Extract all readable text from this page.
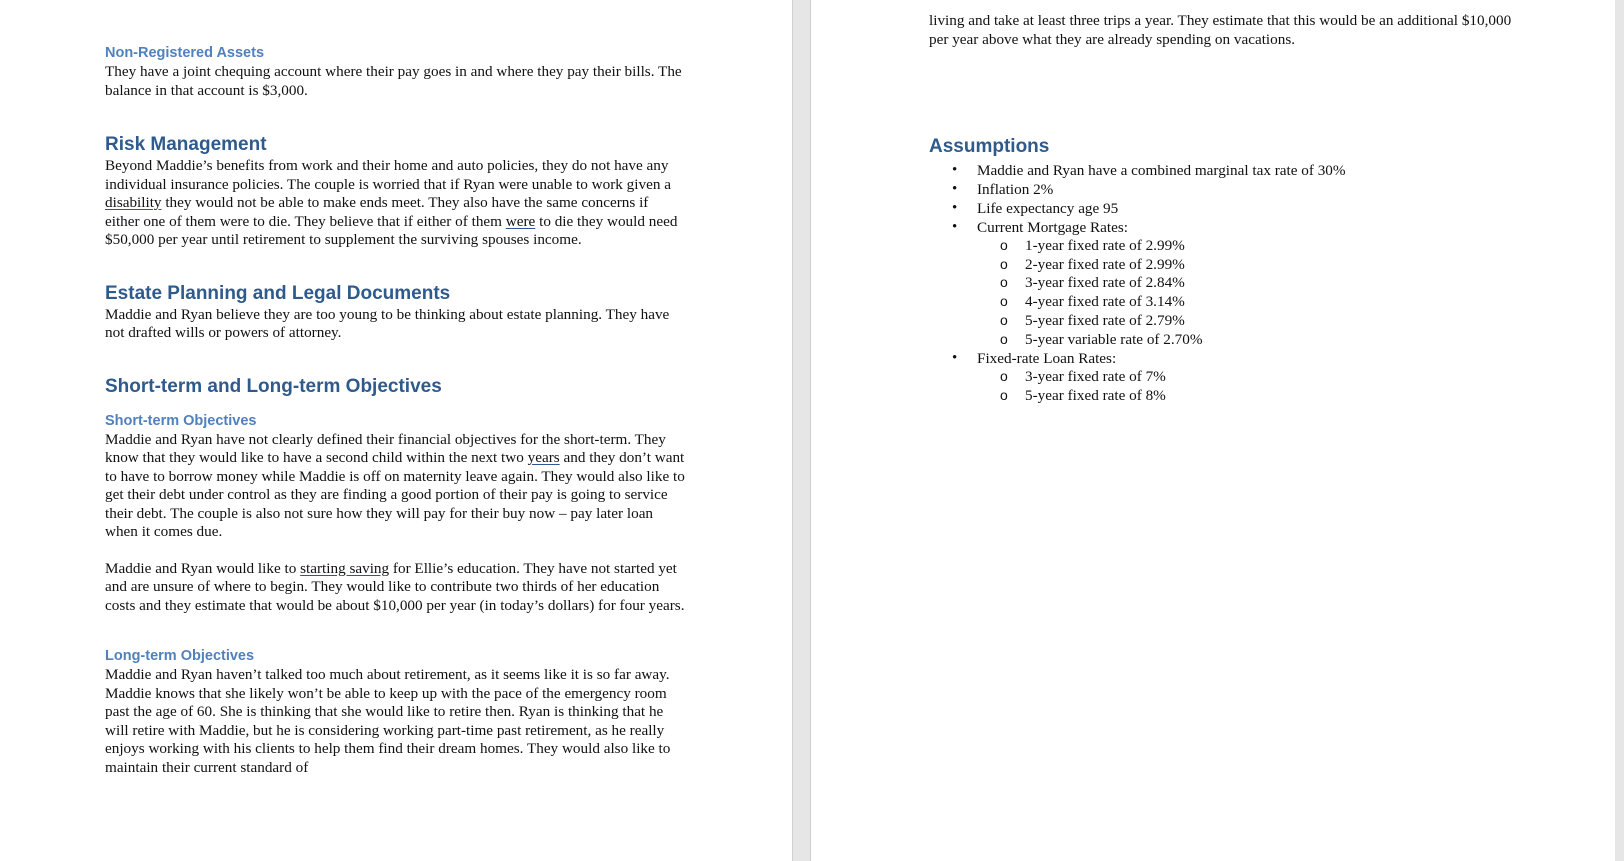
Non-Registered Assets

They have a joint chequing account where their pay goes in and where they pay their bills. The balance in that account is $3,000.

Risk Management

Beyond Maddie’s benefits from work and their home and auto policies, they do not have any individual insurance policies. The couple is worried that if Ryan were unable to work given a disability they would not be able to make ends meet. They also have the same concerns if either one of them were to die. They believe that if either of them were to die they would need $50,000 per year until retirement to supplement the surviving spouses income.

Estate Planning and Legal Documents

Maddie and Ryan believe they are too young to be thinking about estate planning. They have not drafted wills or powers of attorney.

Short-term and Long-term Objectives
Short-term Objectives

Maddie and Ryan have not clearly defined their financial objectives for the short-term. They know that they would like to have a second child within the next two years and they don’t want to have to borrow money while Maddie is off on maternity leave again. They would also like to get their debt under control as they are finding a good portion of their pay is going to service their debt. The couple is also not sure how they will pay for their buy now – pay later loan when it comes due.

Maddie and Ryan would like to starting saving for Ellie’s education. They have not started yet and are unsure of where to begin. They would like to contribute two thirds of her education costs and they estimate that would be about $10,000 per year (in today’s dollars) for four years.

Long-term Objectives

Maddie and Ryan haven’t talked too much about retirement, as it seems like it is so far away. Maddie knows that she likely won’t be able to keep up with the pace of the emergency room past the age of 60. She is thinking that she would like to retire then. Ryan is thinking that he will retire with Maddie, but he is considering working part-time past retirement, as he really enjoys working with his clients to help them find their dream homes. They would also like to maintain their current standard of

living and take at least three trips a year. They estimate that this would be an additional $10,000 per year above what they are already spending on vacations.

Assumptions
• Maddie and Ryan have a combined marginal tax rate of 30%
• Inflation 2%
• Life expectancy age 95
• Current Mortgage Rates:
o 1-year fixed rate of 2.99%
o 2-year fixed rate of 2.99%
o 3-year fixed rate of 2.84%
o 4-year fixed rate of 3.14%
o 5-year fixed rate of 2.79%
o 5-year variable rate of 2.70%
• Fixed-rate Loan Rates:
o 3-year fixed rate of 7%
o 5-year fixed rate of 8%
